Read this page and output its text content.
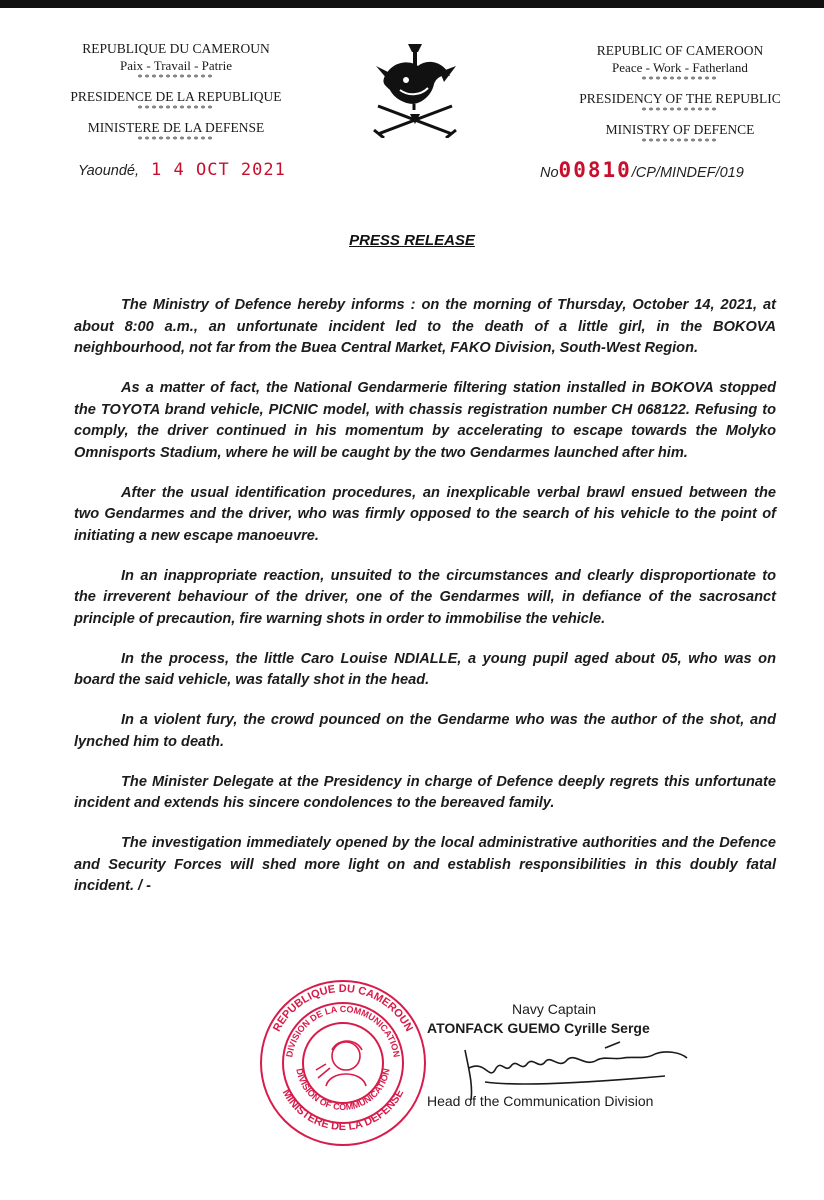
REPUBLIQUE DU CAMEROUN
Paix - Travail - Patrie
***********
PRESIDENCE DE LA REPUBLIQUE
***********
MINISTERE DE LA DEFENSE
***********
REPUBLIC OF CAMEROON
Peace - Work - Fatherland
***********
PRESIDENCY OF THE REPUBLIC
***********
MINISTRY OF DEFENCE
***********
Yaoundé, 1 4 OCT 2021	No00810/CP/MINDEF/019
PRESS RELEASE

The Ministry of Defence hereby informs : on the morning of Thursday, October 14, 2021, at about 8:00 a.m., an unfortunate incident led to the death of a little girl, in the BOKOVA neighbourhood, not far from the Buea Central Market, FAKO Division, South-West Region.

As a matter of fact, the National Gendarmerie filtering station installed in BOKOVA stopped the TOYOTA brand vehicle, PICNIC model, with chassis registration number CH 068122. Refusing to comply, the driver continued in his momentum by accelerating to escape towards the Molyko Omnisports Stadium, where he will be caught by the two Gendarmes launched after him.

After the usual identification procedures, an inexplicable verbal brawl ensued between the two Gendarmes and the driver, who was firmly opposed to the search of his vehicle to the point of initiating a new escape manoeuvre.

In an inappropriate reaction, unsuited to the circumstances and clearly disproportionate to the irreverent behaviour of the driver, one of the Gendarmes will, in defiance of the sacrosanct principle of precaution, fire warning shots in order to immobilise the vehicle.

In the process, the little Caro Louise NDIALLE, a young pupil aged about 05, who was on board the said vehicle, was fatally shot in the head.

In a violent fury, the crowd pounced on the Gendarme who was the author of the shot, and lynched him to death.

The Minister Delegate at the Presidency in charge of Defence deeply regrets this unfortunate incident and extends his sincere condolences to the bereaved family.

The investigation immediately opened by the local administrative authorities and the Defence and Security Forces will shed more light on and establish responsibilities in this doubly fatal incident. / -

REPUBLIQUE DU CAMEROUN
MINISTERE DE LA DEFENSE
DIVISION DE LA COMMUNICATION
DIVISION OF COMMUNICATION
Navy Captain
ATONFACK GUEMO Cyrille Serge
Head of the Communication Division
